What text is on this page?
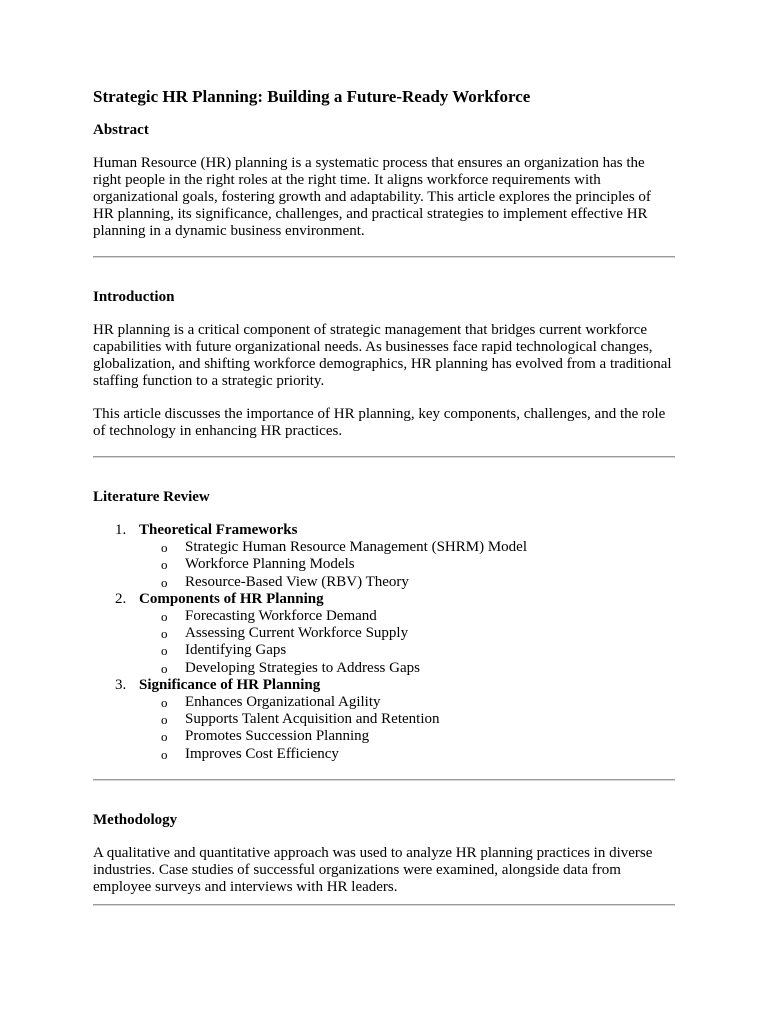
Strategic HR Planning: Building a Future-Ready Workforce
Abstract
Human Resource (HR) planning is a systematic process that ensures an organization has the right people in the right roles at the right time. It aligns workforce requirements with organizational goals, fostering growth and adaptability. This article explores the principles of HR planning, its significance, challenges, and practical strategies to implement effective HR planning in a dynamic business environment.
Introduction
HR planning is a critical component of strategic management that bridges current workforce capabilities with future organizational needs. As businesses face rapid technological changes, globalization, and shifting workforce demographics, HR planning has evolved from a traditional staffing function to a strategic priority.
This article discusses the importance of HR planning, key components, challenges, and the role of technology in enhancing HR practices.
Literature Review
1. Theoretical Frameworks
o Strategic Human Resource Management (SHRM) Model
o Workforce Planning Models
o Resource-Based View (RBV) Theory
2. Components of HR Planning
o Forecasting Workforce Demand
o Assessing Current Workforce Supply
o Identifying Gaps
o Developing Strategies to Address Gaps
3. Significance of HR Planning
o Enhances Organizational Agility
o Supports Talent Acquisition and Retention
o Promotes Succession Planning
o Improves Cost Efficiency
Methodology
A qualitative and quantitative approach was used to analyze HR planning practices in diverse industries. Case studies of successful organizations were examined, alongside data from employee surveys and interviews with HR leaders.
